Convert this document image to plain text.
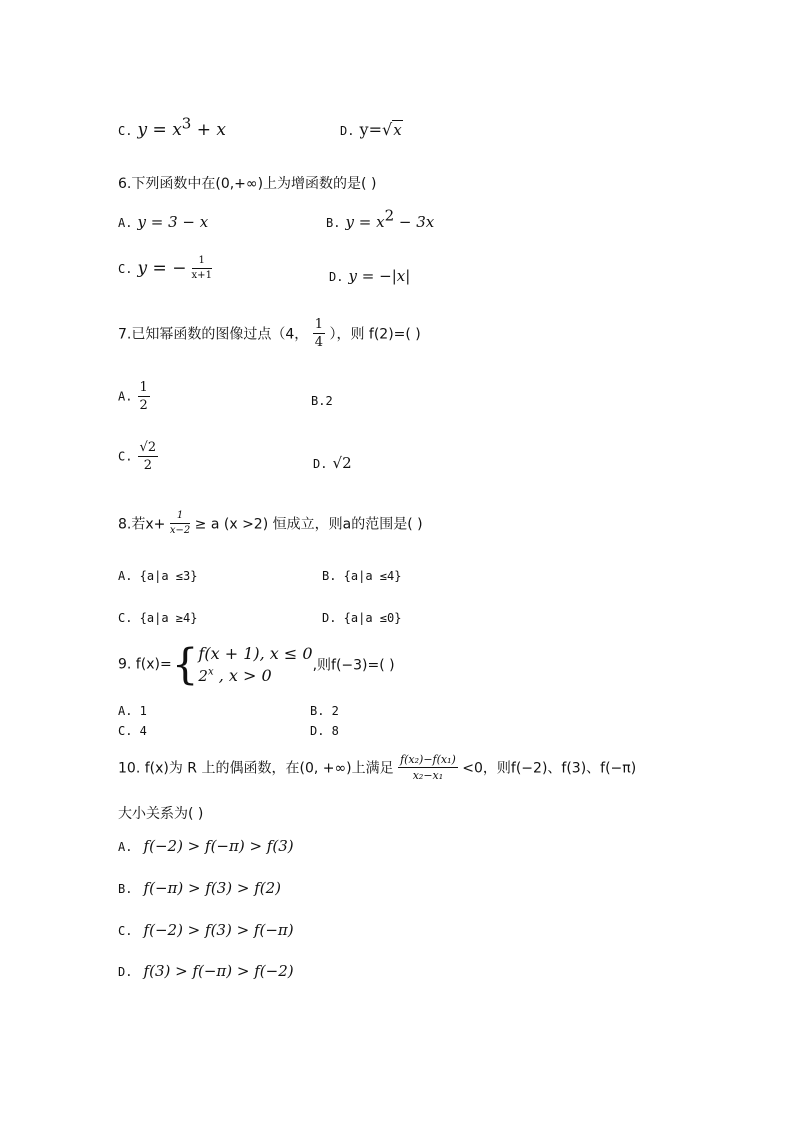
C. $y = x^3 + x$	D. y=√x
6.下列函数中在(0,+∞)上为增函数的是( )
A. y = 3 − x	B. $y = x^2 - 3x$
C. y = − $\frac{1}{x+1}$	D. y = −|x|
7.已知幂函数的图像过点（4， $\frac{1}{4}$ ），则 f(2)=( )
A. $\frac{1}{2}$	B.2
C. $\frac{√2}{2}$	D. √2
8.若$x+ \frac{1}{x-2} \ge a$ (x >2) 恒成立，则a的范围是( )
A. {a|a ≤3}	B. {a|a ≤4}
C. {a|a ≥4}	D. {a|a ≤0}
9. f(x)={ f(x + 1), x ≤ 0
2$^x$ , x > 0	,则f(−3)=( )
A. 1	B. 2
C. 4	D. 8
10. f(x)为 R 上的偶函数，在(0, +∞)上满足 $\frac{\text{f(x₂)−f(x₁)}}{\text{x₂−x₁}} <0$，则f(−2)、f(3)、f(−π)
大小关系为( )
A. f(−2) > f(−π) > f(3)
B. f(−π) > f(3) > f(2)
C. f(−2) > f(3) > f(−π)
D. f(3) > f(−π) > f(−2)
